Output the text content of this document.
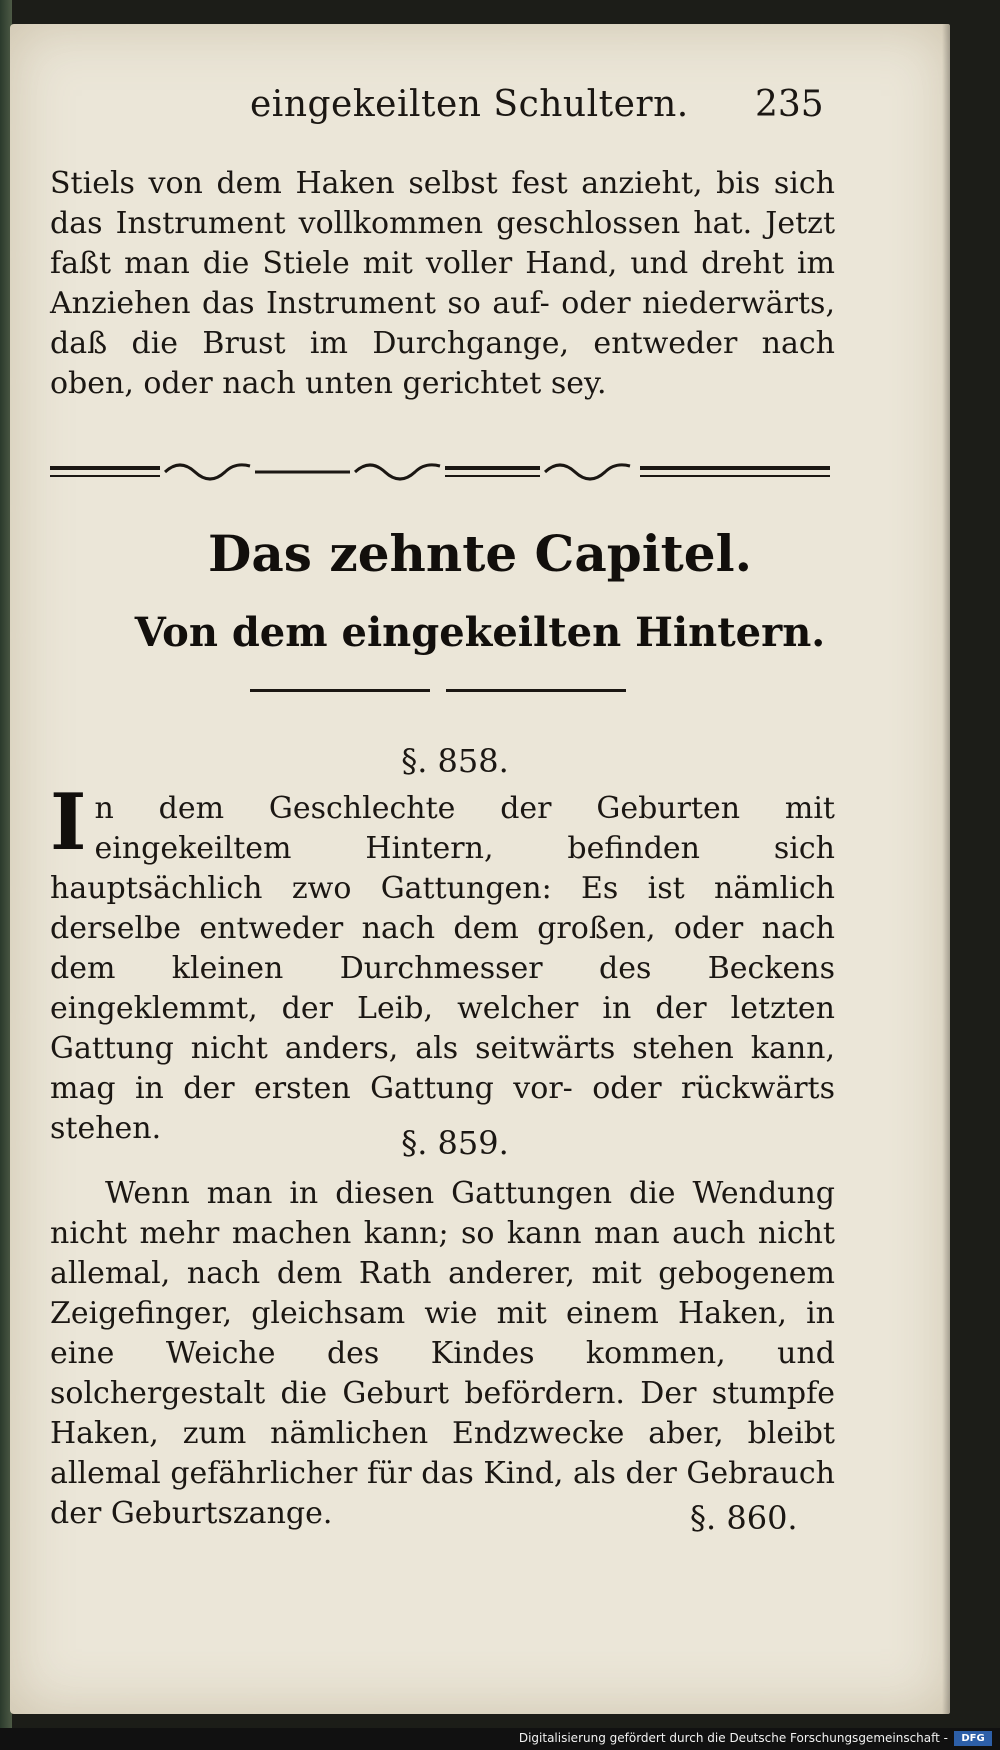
eingekeilten Schultern. 235

Stiels von dem Haken selbst fest anzieht, bis sich das Instrument vollkommen geschlossen hat. Jetzt faßt man die Stiele mit voller Hand, und dreht im Anziehen das Instrument so auf- oder niederwärts, daß die Brust im Durchgange, entweder nach oben, oder nach unten gerichtet sey.

Das zehnte Capitel.
Von dem eingekeilten Hintern.
§. 858.
I n dem Geschlechte der Geburten mit eingekeiltem Hintern, befinden sich hauptsächlich zwo Gattungen: Es ist nämlich derselbe entweder nach dem großen, oder nach dem kleinen Durchmesser des Beckens eingeklemmt, der Leib, welcher in der letzten Gattung nicht anders, als seitwärts stehen kann, mag in der ersten Gattung vor- oder rückwärts stehen.	§. 859.

Wenn man in diesen Gattungen die Wendung nicht mehr machen kann; so kann man auch nicht allemal, nach dem Rath anderer, mit gebogenem Zeigefinger, gleichsam wie mit einem Haken, in eine Weiche des Kindes kommen, und solchergestalt die Geburt befördern. Der stumpfe Haken, zum nämlichen Endzwecke aber, bleibt allemal gefährlicher für das Kind, als der Gebrauch der Geburtszange.	§. 860.
Digitalisierung gefördert durch die Deutsche Forschungsgemeinschaft -	DFG
